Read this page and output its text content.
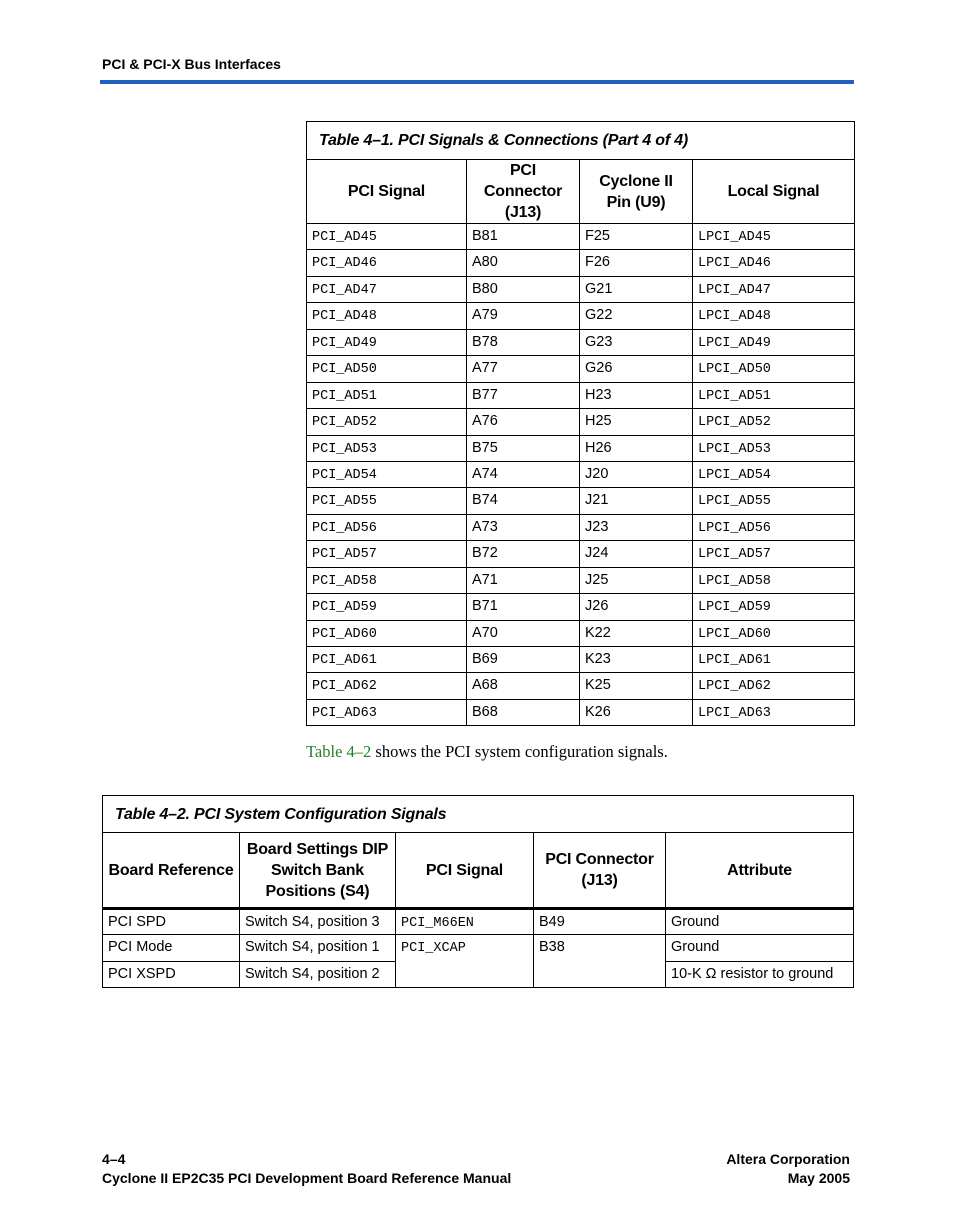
PCI & PCI-X Bus Interfaces
Table 4–1. PCI Signals & Connections (Part 4 of 4)			
PCI Signal	PCI Connector (J13)	Cyclone II Pin (U9)	Local Signal
PCI_AD45	B81	F25	LPCI_AD45
PCI_AD46	A80	F26	LPCI_AD46
PCI_AD47	B80	G21	LPCI_AD47
PCI_AD48	A79	G22	LPCI_AD48
PCI_AD49	B78	G23	LPCI_AD49
PCI_AD50	A77	G26	LPCI_AD50
PCI_AD51	B77	H23	LPCI_AD51
PCI_AD52	A76	H25	LPCI_AD52
PCI_AD53	B75	H26	LPCI_AD53
PCI_AD54	A74	J20	LPCI_AD54
PCI_AD55	B74	J21	LPCI_AD55
PCI_AD56	A73	J23	LPCI_AD56
PCI_AD57	B72	J24	LPCI_AD57
PCI_AD58	A71	J25	LPCI_AD58
PCI_AD59	B71	J26	LPCI_AD59
PCI_AD60	A70	K22	LPCI_AD60
PCI_AD61	B69	K23	LPCI_AD61
PCI_AD62	A68	K25	LPCI_AD62
PCI_AD63	B68	K26	LPCI_AD63
Table 4–2 shows the PCI system configuration signals.
Table 4–2. PCI System Configuration Signals				
Board Reference	Board Settings DIP Switch Bank Positions (S4)	PCI Signal	PCI Connector (J13)	Attribute
PCI SPD	Switch S4, position 3	PCI_M66EN	B49	Ground
PCI Mode	Switch S4, position 1	PCI_XCAP	B38	Ground
PCI XSPD	Switch S4, position 2			10-K Ω resistor to ground
4–4
Cyclone II EP2C35 PCI Development Board Reference Manual
Altera Corporation
May 2005
